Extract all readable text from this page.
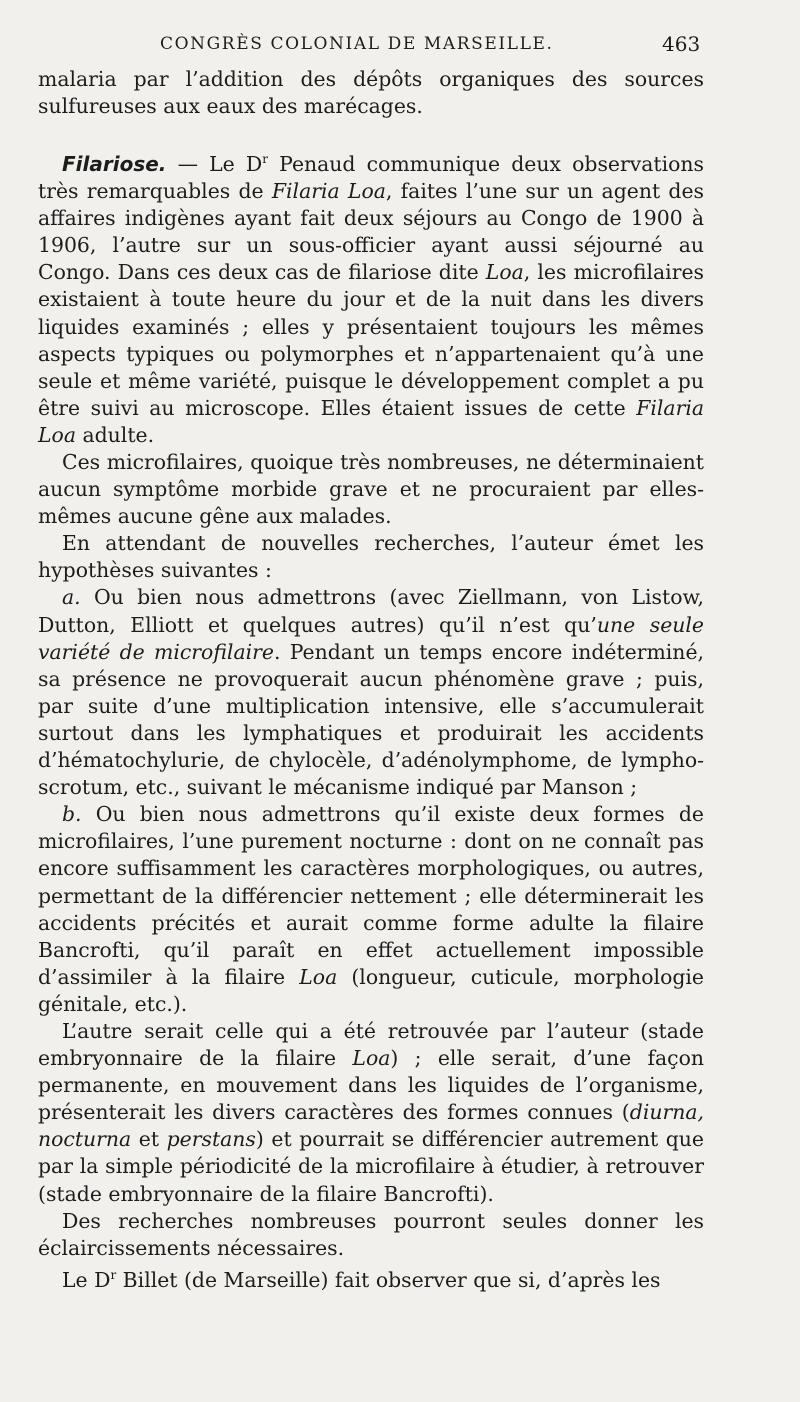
CONGRÈS COLONIAL DE MARSEILLE.	463

malaria par l’addition des dépôts organiques des sources sulfureuses aux eaux des marécages.

Filariose. — Le $D^r$ Penaud communique deux observations très remarquables de Filaria Loa, faites l’une sur un agent des affaires indigènes ayant fait deux séjours au Congo de 1900 à 1906, l’autre sur un sous-officier ayant aussi séjourné au Congo. Dans ces deux cas de filariose dite Loa, les microfilaires existaient à toute heure du jour et de la nuit dans les divers liquides examinés ; elles y présentaient toujours les mêmes aspects typiques ou polymorphes et n’appartenaient qu’à une seule et même variété, puisque le développement complet a pu être suivi au microscope. Elles étaient issues de cette Filaria Loa adulte.

Ces microfilaires, quoique très nombreuses, ne déterminaient aucun symptôme morbide grave et ne procuraient par elles-mêmes aucune gêne aux malades.

En attendant de nouvelles recherches, l’auteur émet les hypothèses suivantes :

a. Ou bien nous admettrons (avec Ziellmann, von Listow, Dutton, Elliott et quelques autres) qu’il n’est qu’une seule variété de microfilaire. Pendant un temps encore indéterminé, sa présence ne provoquerait aucun phénomène grave ; puis, par suite d’une multiplication intensive, elle s’accumulerait surtout dans les lymphatiques et produirait les accidents d’hématochylurie, de chylocèle, d’adénolymphome, de lympho-scrotum, etc., suivant le mécanisme indiqué par Manson ;

b. Ou bien nous admettrons qu’il existe deux formes de microfilaires, l’une purement nocturne : dont on ne connaît pas encore suffisamment les caractères morphologiques, ou autres, permettant de la différencier nettement ; elle déterminerait les accidents précités et aurait comme forme adulte la filaire Bancrofti, qu’il paraît en effet actuellement impossible d’assimiler à la filaire Loa (longueur, cuticule, morphologie génitale, etc.).

L’autre serait celle qui a été retrouvée par l’auteur (stade embryonnaire de la filaire Loa) ; elle serait, d’une façon permanente, en mouvement dans les liquides de l’organisme, présenterait les divers caractères des formes connues (diurna, nocturna et perstans) et pourrait se différencier autrement que par la simple périodicité de la microfilaire à étudier, à retrouver (stade embryonnaire de la filaire Bancrofti).

Des recherches nombreuses pourront seules donner les éclaircissements nécessaires.

Le $D^r$ Billet (de Marseille) fait observer que si, d’après les
